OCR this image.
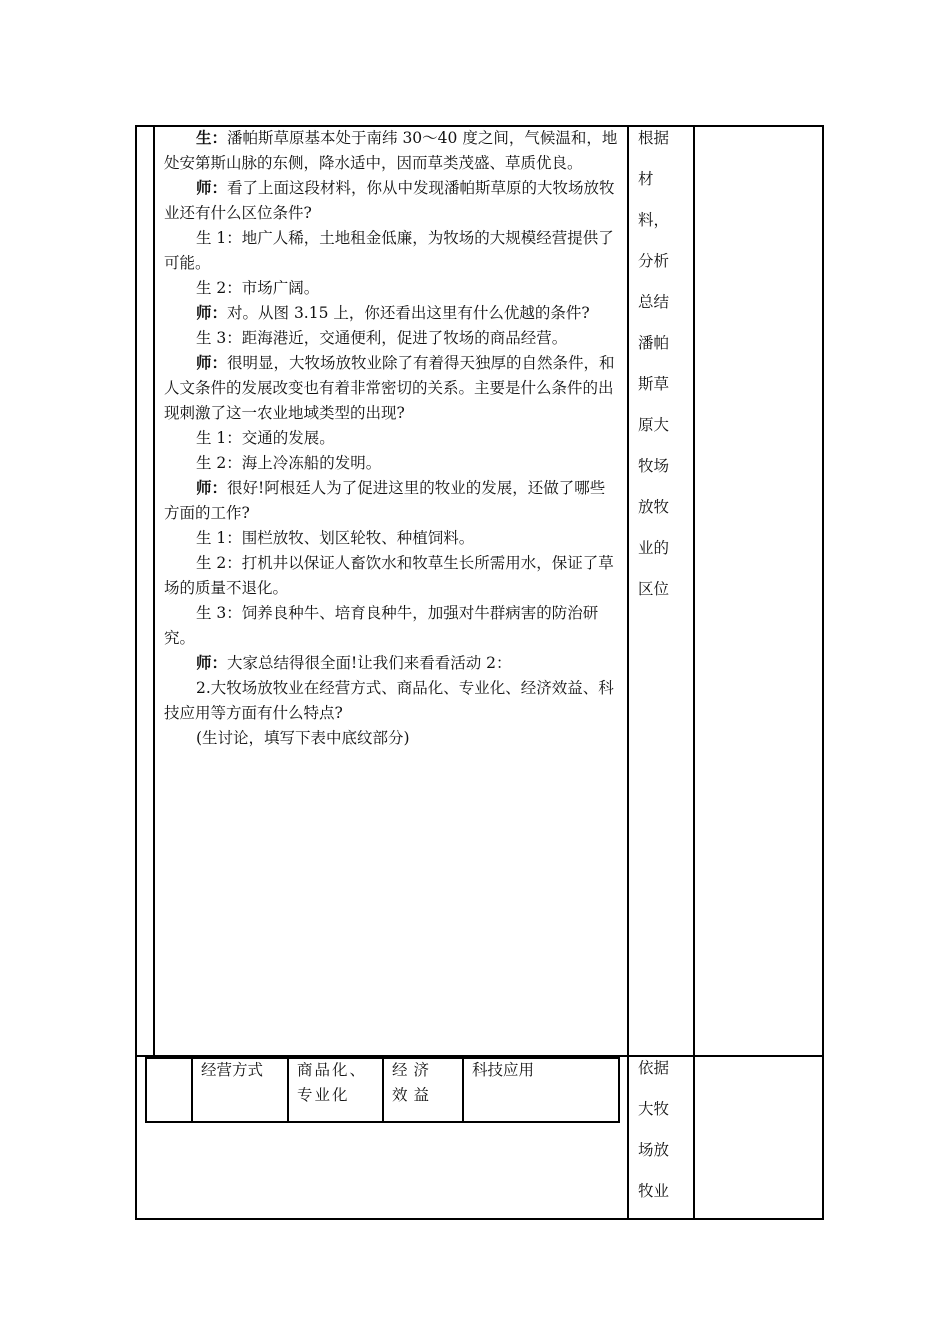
生：潘帕斯草原基本处于南纬 30～40 度之间，气候温和，地处安第斯山脉的东侧，降水适中，因而草类茂盛、草质优良。

师：看了上面这段材料，你从中发现潘帕斯草原的大牧场放牧业还有什么区位条件?

生 1：地广人稀，土地租金低廉，为牧场的大规模经营提供了可能。

生 2：市场广阔。

师：对。从图 3.15 上，你还看出这里有什么优越的条件?

生 3：距海港近，交通便利，促进了牧场的商品经营。

师：很明显，大牧场放牧业除了有着得天独厚的自然条件，和人文条件的发展改变也有着非常密切的关系。主要是什么条件的出现刺激了这一农业地域类型的出现?

生 1：交通的发展。

生 2：海上冷冻船的发明。

师：很好!阿根廷人为了促进这里的牧业的发展，还做了哪些方面的工作?

生 1：围栏放牧、划区轮牧、种植饲料。

生 2：打机井以保证人畜饮水和牧草生长所需用水，保证了草场的质量不退化。

生 3：饲养良种牛、培育良种牛，加强对牛群病害的防治研究。

师：大家总结得很全面!让我们来看看活动 2：

2.大牧场放牧业在经营方式、商品化、专业化、经济效益、科技应用等方面有什么特点?

(生讨论，填写下表中底纹部分)

根据
材
料，
分析
总结
潘帕
斯草
原大
牧场
放牧
业的
区位
经营方式	商品化、专业化
经济效益
科技应用	依据
大牧
场放
牧业
